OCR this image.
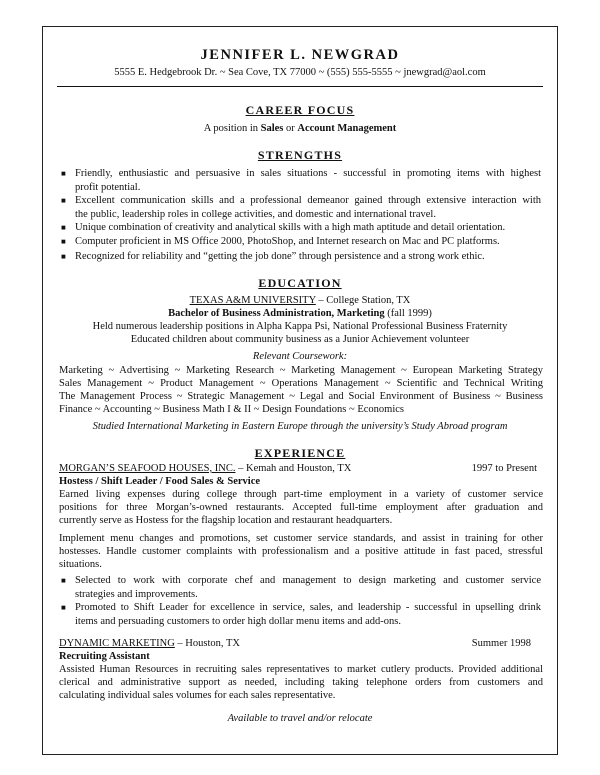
JENNIFER L. NEWGRAD
5555 E. Hedgebrook Dr. ~ Sea Cove, TX 77000 ~ (555) 555-5555 ~ jnewgrad@aol.com
CAREER FOCUS
A position in Sales or Account Management
STRENGTHS
■ Friendly, enthusiastic and persuasive in sales situations - successful in promoting items with highest
profit potential.
■ Excellent communication skills and a professional demeanor gained through extensive interaction with
the public, leadership roles in college activities, and domestic and international travel.
■ Unique combination of creativity and analytical skills with a high math aptitude and detail orientation.
■ Computer proficient in MS Office 2000, PhotoShop, and Internet research on Mac and PC platforms.
■ Recognized for reliability and “getting the job done” through persistence and a strong work ethic.
EDUCATION
TEXAS A&M UNIVERSITY – College Station, TX
Bachelor of Business Administration, Marketing (fall 1999)
Held numerous leadership positions in Alpha Kappa Psi, National Professional Business Fraternity
Educated children about community business as a Junior Achievement volunteer
Relevant Coursework:
Marketing ~ Advertising ~ Marketing Research ~ Marketing Management ~ European Marketing Strategy
Sales Management ~ Product Management ~ Operations Management ~ Scientific and Technical Writing
The Management Process ~ Strategic Management ~ Legal and Social Environment of Business ~ Business
Finance ~ Accounting ~ Business Math I & II ~ Design Foundations ~ Economics
Studied International Marketing in Eastern Europe through the university’s Study Abroad program
EXPERIENCE
MORGAN’S SEAFOOD HOUSES, INC. – Kemah and Houston, TX	1997 to Present
Hostess / Shift Leader / Food Sales & Service
Earned living expenses during college through part-time employment in a variety of customer service
positions for three Morgan’s-owned restaurants. Accepted full-time employment after graduation and
currently serve as Hostess for the flagship location and restaurant headquarters.
Implement menu changes and promotions, set customer service standards, and assist in training for other
hostesses. Handle customer complaints with professionalism and a positive attitude in fast paced, stressful
situations.
■ Selected to work with corporate chef and management to design marketing and customer service
strategies and improvements.
■ Promoted to Shift Leader for excellence in service, sales, and leadership - successful in upselling drink
items and persuading customers to order high dollar menu items and add-ons.
DYNAMIC MARKETING – Houston, TX	Summer 1998
Recruiting Assistant
Assisted Human Resources in recruiting sales representatives to market cutlery products. Provided additional
clerical and administrative support as needed, including taking telephone orders from customers and
calculating individual sales volumes for each sales representative.
Available to travel and/or relocate
